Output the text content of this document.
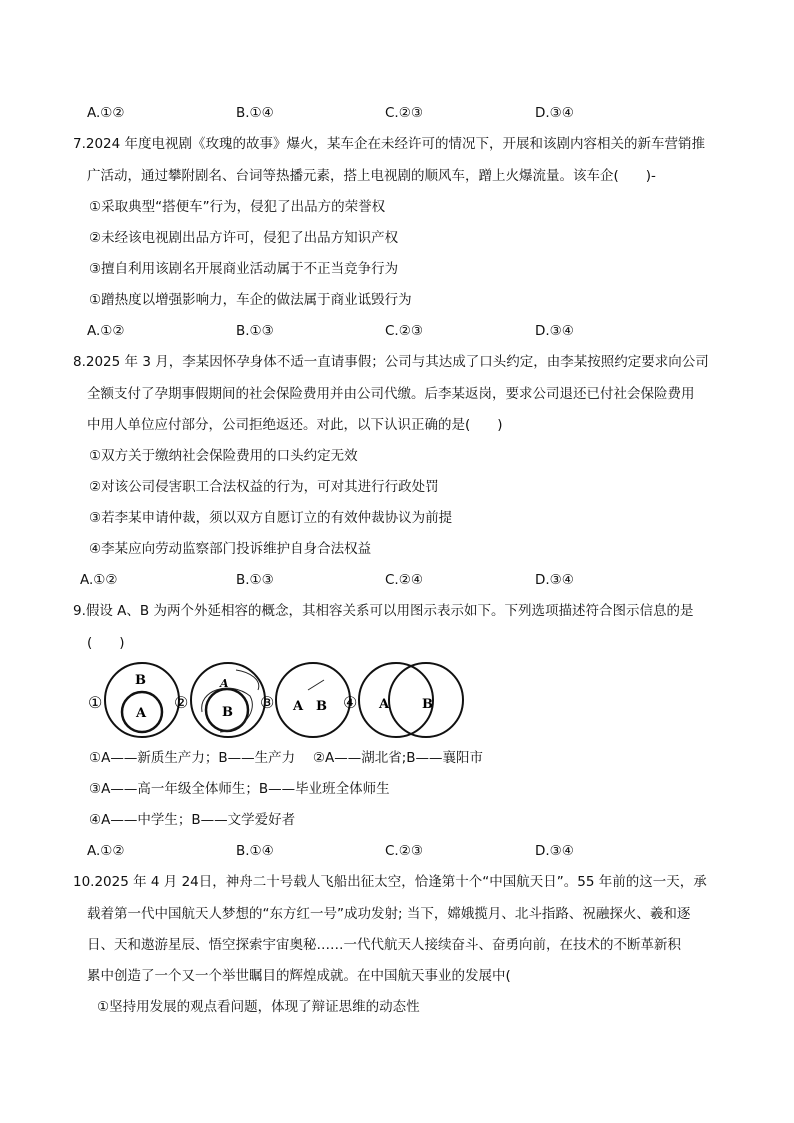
A.①②	B.①④	C.②③	D.③④
7.2024 年度电视剧《玫瑰的故事》爆火，某车企在未经许可的情况下，开展和该剧内容相关的新车营销推
广活动，通过攀附剧名、台词等热播元素，搭上电视剧的顺风车，蹭上火爆流量。该车企(　　)-
①采取典型“搭便车”行为，侵犯了出品方的荣誉权
②未经该电视剧出品方许可，侵犯了出品方知识产权
③擅自利用该剧名开展商业活动属于不正当竞争行为
①蹭热度以增强影响力，车企的做法属于商业诋毁行为
A.①②	B.①③	C.②③	D.③④
8.2025 年 3 月，李某因怀孕身体不适一直请事假；公司与其达成了口头约定，由李某按照约定要求向公司
全额支付了孕期事假期间的社会保险费用并由公司代缴。后李某返岗，要求公司退还已付社会保险费用
中用人单位应付部分，公司拒绝返还。对此，以下认识正确的是(　　)
①双方关于缴纳社会保险费用的口头约定无效
②对该公司侵害职工合法权益的行为，可对其进行行政处罚
③若李某申请仲裁，须以双方自愿订立的有效仲裁协议为前提
④李某应向劳动监察部门投诉维护自身合法权益
A.①②	B.①③	C.②④	D.③④
9.假设 A、B 为两个外延相容的概念，其相容关系可以用图示表示如下。下列选项描述符合图示信息的是
(　　)
①
B
A
②
A
B
③ A B ④ A	B
①A——新质生产力；B——生产力　 ②A——湖北省;B——襄阳市
③A——高一年级全体师生；B——毕业班全体师生
④A——中学生；B——文学爱好者
A.①②	B.①④	C.②③	D.③④
10.2025 年 4 月 24日，神舟二十号载人飞船出征太空，恰逢第十个“中国航天日”。55 年前的这一天，承
载着第一代中国航天人梦想的“东方红一号”成功发射; 当下，嫦娥揽月、北斗指路、祝融探火、羲和逐
日、天和遨游星辰、悟空探索宇宙奥秘……一代代航天人接续奋斗、奋勇向前，在技术的不断革新积
累中创造了一个又一个举世瞩目的辉煌成就。在中国航天事业的发展中(
①坚持用发展的观点看问题，体现了辩证思维的动态性
